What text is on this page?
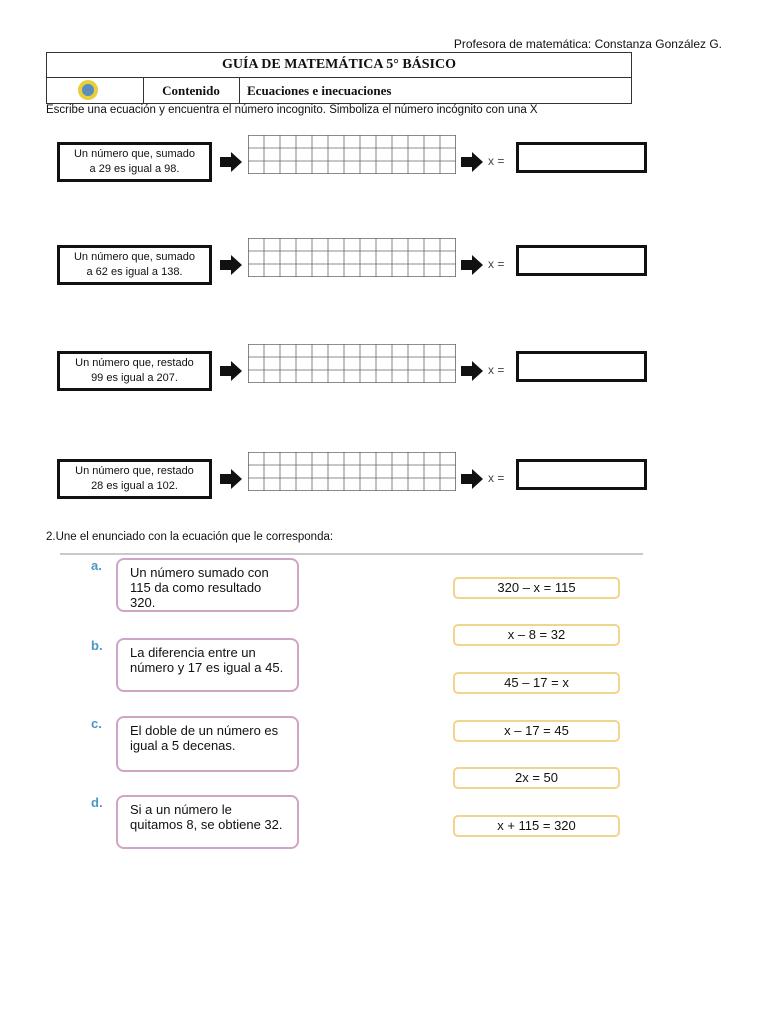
Profesora de matemática: Constanza González G.
GUÍA DE MATEMÁTICA 5° BÁSICO
Contenido	Ecuaciones e inecuaciones
Escribe una ecuación y encuentra el número incognito. Simboliza el número incógnito con una X
Un número que, sumado
a 29 es igual a 98.
x =
Un número que, sumado
a 62 es igual a 138.
x =
Un número que, restado
99 es igual a 207.
x =
Un número que, restado
28 es igual a 102.
x =
2.Une el enunciado con la ecuación que le corresponda:
a.	Un número sumado con 115 da como resultado 320.
b.	La diferencia entre un número y 17 es igual a 45.
c.	El doble de un número es igual a 5 decenas.
d.	Si a un número le quitamos 8, se obtiene 32.
320 – x = 115
x – 8 = 32
45 – 17 = x
x – 17 = 45
2x = 50
x + 115 = 320
